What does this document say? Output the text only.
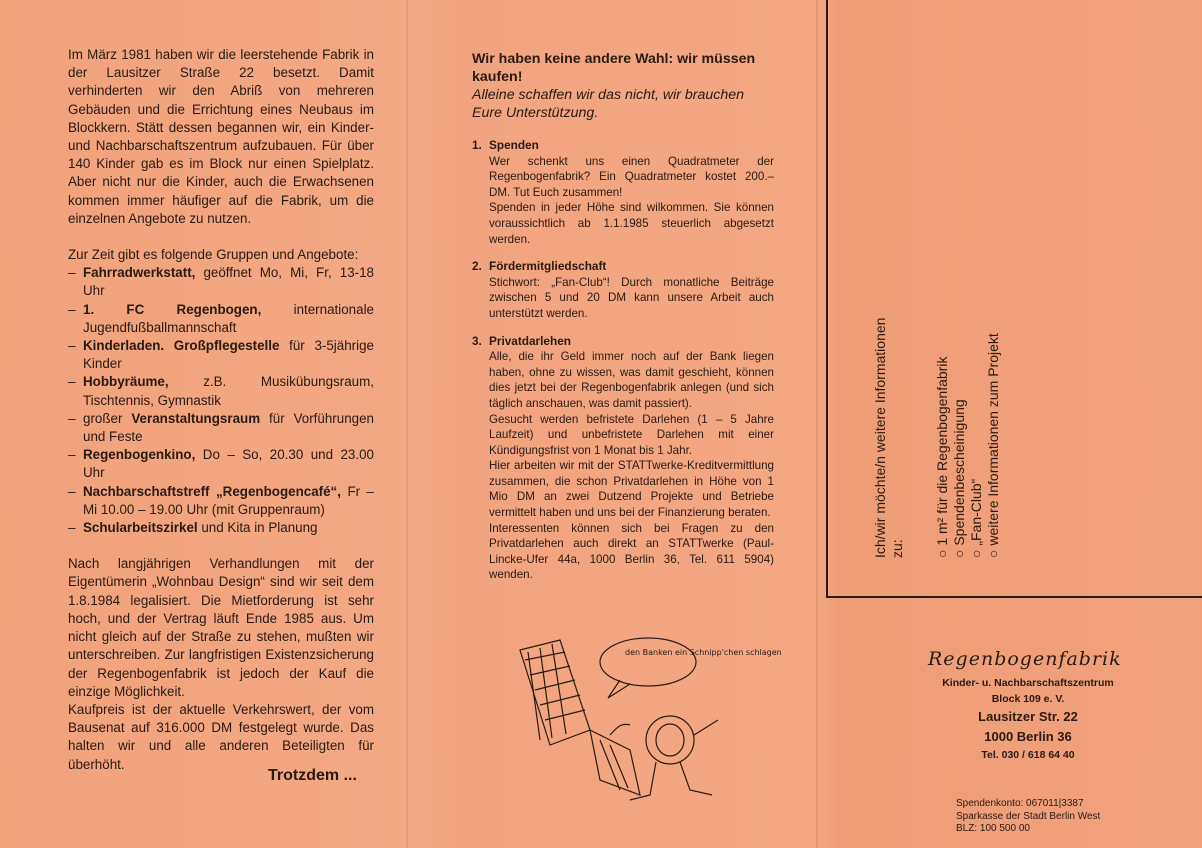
Im März 1981 haben wir die leerstehende Fabrik in der Lausitzer Straße 22 besetzt. Damit verhinderten wir den Abriß von mehreren Gebäuden und die Errichtung eines Neubaus im Blockkern. Stätt dessen begannen wir, ein Kinder- und Nachbarschaftszentrum aufzubauen. Für über 140 Kinder gab es im Block nur einen Spielplatz. Aber nicht nur die Kinder, auch die Erwachsenen kommen immer häufiger auf die Fabrik, um die einzelnen Angebote zu nutzen.

Zur Zeit gibt es folgende Gruppen und Angebote:

– Fahrradwerkstatt, geöffnet Mo, Mi, Fr, 13-18 Uhr
– 1. FC Regenbogen, internationale Jugendfußballmannschaft
– Kinderladen. Großpflegestelle für 3-5jährige Kinder
– Hobbyräume, z.B. Musikübungsraum, Tischtennis, Gymnastik
– großer Veranstaltungsraum für Vorführungen und Feste
– Regenbogenkino, Do – So, 20.30 und 23.00 Uhr
– Nachbarschaftstreff „Regenbogencafé“, Fr – Mi 10.00 – 19.00 Uhr (mit Gruppenraum)
– Schularbeitszirkel und Kita in Planung

Nach langjährigen Verhandlungen mit der Eigentümerin „Wohnbau Design“ sind wir seit dem 1.8.1984 legalisiert. Die Mietforderung ist sehr hoch, und der Vertrag läuft Ende 1985 aus. Um nicht gleich auf der Straße zu stehen, mußten wir unterschreiben. Zur langfristigen Existenzsicherung der Regenbogenfabrik ist jedoch der Kauf die einzige Möglichkeit.

Kaufpreis ist der aktuelle Verkehrswert, der vom Bausenat auf 316.000 DM festgelegt wurde. Das halten wir und alle anderen Beteiligten für überhöht.

Trotzdem ...

Wir haben keine andere Wahl: wir müssen kaufen!

Alleine schaffen wir das nicht, wir brauchen Eure Unterstützung.

1. Spenden

Wer schenkt uns einen Quadratmeter der Regenbogenfabrik? Ein Quadratmeter kostet 200.– DM. Tut Euch zusammen!

Spenden in jeder Höhe sind wilkommen. Sie können voraussichtlich ab 1.1.1985 steuerlich abgesetzt werden.

2. Fördermitgliedschaft

Stichwort: „Fan-Club“! Durch monatliche Beiträge zwischen 5 und 20 DM kann unsere Arbeit auch unterstützt werden.

3. Privatdarlehen

Alle, die ihr Geld immer noch auf der Bank liegen haben, ohne zu wissen, was damit geschieht, können dies jetzt bei der Regenbogenfabrik anlegen (und sich täglich anschauen, was damit passiert).

Gesucht werden befristete Darlehen (1 – 5 Jahre Laufzeit) und unbefristete Darlehen mit einer Kündigungsfrist von 1 Monat bis 1 Jahr.

Hier arbeiten wir mit der STATTwerke-Kreditvermittlung zusammen, die schon Privatdarlehen in Höhe von 1 Mio DM an zwei Dutzend Projekte und Betriebe vermittelt haben und uns bei der Finanzierung beraten.

Interessenten können sich bei Fragen zu den Privatdarlehen auch direkt an STATTwerke (Paul-Lincke-Ufer 44a, 1000 Berlin 36, Tel. 611 5904) wenden.

den Banken ein Schnipp'chen schlagen
Ich/wir möchte/n weitere Informationen zu: ○ 1 m² für die Regenbogenfabrik ○ Spendenbescheinigung ○ „Fan-Club“ ○ weitere Informationen zum Projekt
Regenbogenfabrik
Kinder- u. Nachbarschaftszentrum
Block 109 e. V.
Lausitzer Str. 22
1000 Berlin 36
Tel. 030 / 618 64 40

Spendenkonto: 067011|3387

Sparkasse der Stadt Berlin West

BLZ: 100 500 00
